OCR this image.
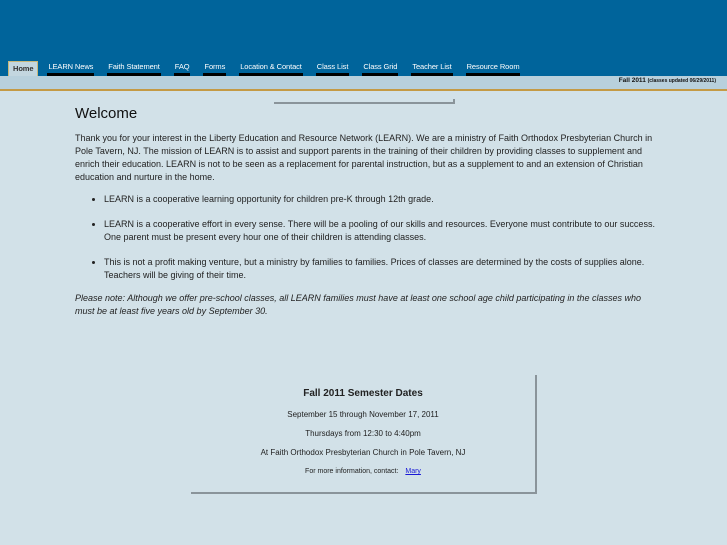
Home	LEARN News Faith Statement FAQ Forms Location & Contact Class List Class Grid Teacher List Resource Room
Fall 2011 (classes updated 06/29/2011)
Welcome

Thank you for your interest in the Liberty Education and Resource Network (LEARN). We are a ministry of Faith Orthodox Presbyterian Church in Pole Tavern, NJ. The mission of LEARN is to assist and support parents in the training of their children by providing classes to supplement and enrich their education. LEARN is not to be seen as a replacement for parental instruction, but as a supplement to and an extension of Christian education and nurture in the home.

• LEARN is a cooperative learning opportunity for children pre-K through 12th grade.
• LEARN is a cooperative effort in every sense. There will be a pooling of our skills and resources. Everyone must contribute to our success. One parent must be present every hour one of their children is attending classes.
• This is not a profit making venture, but a ministry by families to families. Prices of classes are determined by the costs of supplies alone. Teachers will be giving of their time.

Please note: Although we offer pre-school classes, all LEARN families must have at least one school age child participating in the classes who must be at least five years old by September 30.

Fall 2011 Semester Dates
September 15 through November 17, 2011
Thursdays from 12:30 to 4:40pm
At Faith Orthodox Presbyterian Church in Pole Tavern, NJ
For more information, contact: Mary
